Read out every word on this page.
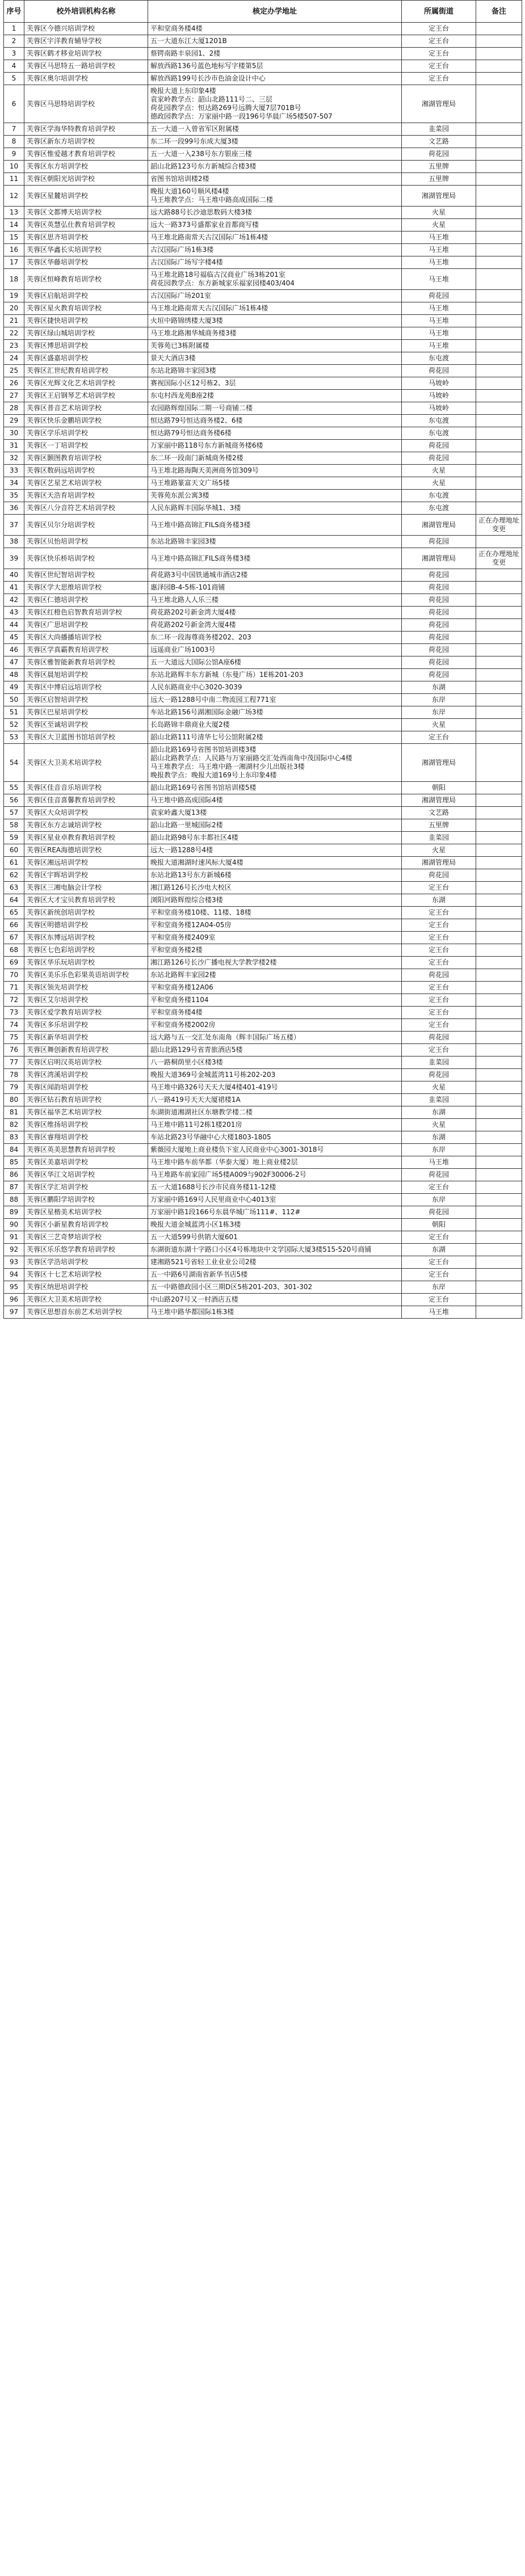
序号	校外培训机构名称	核定办学地址	所属街道	备注
1	芙蓉区今德兴培训学校	平和堂商务楼4楼	定王台	
2	芙蓉区宇洋教育辅导学校	五一大道东江大厦1201B	定王台	
3	芙蓉区鹤才移业培训学校	蔡锷南路丰泉园1、2楼	定王台	
4	芙蓉区马思特五一路培训学校	解放西路136号蓝色地标写字楼第5层	定王台	
5	芙蓉区奥尔培训学校	解放西路199号长沙市色油金设计中心	定王台	
6	芙蓉区马思特培训学校	晚报大道上东印象4楼
袁家岭教学点：韶山北路111号二、三层
荷花园教学点：恒达路269号远腾大厦7层701B号
德政园教学点：万家丽中路一段196号华晨广场5楼507-507	湘湖管理局	
7	芙蓉区学海华特教育培训学校	五一大道一入曾省军区附属楼	韭菜园	
8	芙蓉区新东方培训学校	东二环一段99号东成大厦3楼	文艺路	
9	芙蓉区惟爱越才教育培训学校	五一大道一入238号东方银座三楼	荷花园	
10	芙蓉区东方培训学校	韶山北路123号东方新城综合楼3楼	五里牌	
11	芙蓉区朝阳光培训学校	省图书馆培训楼2楼	五里牌	
12	芙蓉区星麓培训学校	晚报大道160号顺风楼4楼
马王堆教学点：马王堆中路高成国际二楼	湘湖管理局	
13	芙蓉区文都博天培训学校	远大路88号长沙迪思数码大楼3楼	火星	
14	芙蓉区英慧弘仕教育培训学校	远大一路373号盛都家业首都商写楼	火星	
15	芙蓉区思齐培训学校	马王堆北路南常天古汉国际广场1栋4楼	马王堆	
16	芙蓉区华鑫长实培训学校	古汉国际广场1栋3楼	马王堆	
17	芙蓉区华藤培训学校	古汉国际广场写字楼4楼	马王堆	
18	芙蓉区恒峰教育培训学校	马王堆北路18号福临古汉商业广场3栋201室
荷花园教学点：东方新城家乐福家园楼403/404	马王堆	
19	芙蓉区启航培训学校	古汉国际广场201室	荷花园	
20	芙蓉区星火教育培训学校	马王堆北路南常天古汉国际广场1栋4楼	马王堆	
21	芙蓉区捷快培训学校	火垣中路锦绣楼大厦3楼	马王堆	
22	芙蓉区绿山城培训学校	马王堆北路湘华城商务楼3楼	马王堆	
23	芙蓉区博思培训学校	芙蓉苑已3栋附属楼	马王堆	
24	芙蓉区盛嘉培训学校	景天大酒店3楼	东屯渡	
25	芙蓉区汇世纪教育培训学校	东站北路锦丰家园3楼	荷花园	
26	芙蓉区光辉文化艺术培训学校	赛视国际小区12号栋2、3层	马坡岭	
27	芙蓉区王启钢琴艺术培训学校	东屯村西龙苑B座2楼	马坡岭	
28	芙蓉区普音艺术培训学校	农园路辉煌国际二期一号商铺二楼	马坡岭	
29	芙蓉区快乐金鹏培训学校	恒达路79号恒达商务楼2、6楼	东屯渡	
30	芙蓉区学乐培训学校	恒达路79号恒达商务楼6楼	东屯渡	
31	芙蓉区一丁培训学校	万家丽中路118号东方新城商务楼6楼	荷花园	
32	芙蓉区颢图教育培训学校	东二环一段南门新城商务楼2楼	荷花园	
33	芙蓉区数码远培训学校	马王堆北路海陶天美洲商务馆309号	火星	
34	芙蓉区艺星艺术培训学校	马王堆路篆富天文广场5楼	火星	
35	芙蓉区天浩育培训学校	芙蓉苑东派公寓3楼	东屯渡	
36	芙蓉区八分音符艺术培训学校	人民东路辉丰国际华城1、3楼	东屯渡	
37	芙蓉区贝尔分培训学校	马王堆中路高锦汇FILS商务楼3楼	湘湖管理局	正在办理地址变更
38	芙蓉区贝怡培训学校	东站北路锦丰家园3楼	荷花园	
39	芙蓉区快乐桥培训学校	马王堆中路高锦汇FILS商务楼3楼	湘湖管理局	正在办理地址变更
40	芙蓉区世纪智培训学校	荷花路3号中国铁通城市酒店2楼	荷花园	
41	芙蓉区学大思维培训学校	惠泽园B-4-5栋-101商铺	荷花园	
42	芙蓉区仁德培训学校	马王堆北路人人乐三楼	荷花园	
43	芙蓉区红橙色启智教育培训学校	荷花路202号新金湾大厦4楼	荷花园	
44	芙蓉区广思培训学校	荷花路202号新金湾大厦4楼	荷花园	
45	芙蓉区大尚播播培训学校	东二环一段海尊商务楼202、203	荷花园	
46	芙蓉区学真霸教育培训学校	远遥商业广场1003号	荷花园	
47	芙蓉区雅智能新教育培训学校	五一大道远大国际公馆A座6楼	荷花园	
48	芙蓉区晨旭培训学校	东站北路辉丰东方新城（东曼广场）1E栋201-203	荷花园	
49	芙蓉区中博启远培训学校	人民东路商业中心3020-3039	东湖	
50	芙蓉区启智培训学校	远大一路1288号中南二物流园工程771室	东岸	
51	芙蓉区巴星培训学校	车站北路156号湖湘国际金融广场3楼	东岸	
52	芙蓉区至诚培训学校	长岛路锦丰鼎商业大厦2楼	火星	
53	芙蓉区大卫蓝图书馆培训学校	韶山北路111号清华七号公馆附属2楼	定王台	
54	芙蓉区大卫美术培训学校	韶山北路169号省图书馆培训楼3楼
韶山北路教学点：人民路与万家丽路交汇处西南角中茂国际中心4楼
马王堆教学点：马王堆中路一湘湖村少儿出版社3楼
晚报教学点：晚报大道169号上东印象4楼	湘湖管理局	
55	芙蓉区佳音音乐培训学校	韶山北路169号省图书馆培训楼5楼	朝阳	
56	芙蓉区佳音喜馨教育培训学校	马王堆中路高成国际4楼	湘湖管理局	
57	芙蓉区大众培训学校	袁家岭鑫大厦13楼	文艺路	
58	芙蓉区东方志诚培训学校	韶山北路一里城国际2楼	五里牌	
59	芙蓉区星业卓教育教培训学校	韶山北路98号东丰都社区4楼	韭菜园	
60	芙蓉区REA海德培训学校	远大一路1288号4楼	火星	
61	芙蓉区湘远培训学校	晚报大道湘湖时速风标大厦4楼	湘湖管理局	
62	芙蓉区宇晖培训学校	东站北路13号东方新城6楼	荷花园	
63	芙蓉区三湘电脑会计学校	湘江路126号长沙电大校区	定王台	
64	芙蓉区大才宝贝教育培训学校	浏阳河路辉煌综合楼3楼	东湖	
65	芙蓉区新统创培训学校	平和堂商务楼10楼、11楼、18楼	定王台	
66	芙蓉区明德培训学校	平和堂商务楼12A04-05房	定王台	
67	芙蓉区东博远培训学校	平和堂商务楼2409室	定王台	
68	芙蓉区七色彩培训学校	平和堂商务楼2楼	定王台	
69	芙蓉区华乐玩培训学校	湘江路126号长沙广播电视大学教学楼2楼	定王台	
70	芙蓉区美乐乐色彩果英语培训学校	东站北路辉丰家园2楼	荷花园	
71	芙蓉区领先培训学校	平和堂商务楼12A06	定王台	
72	芙蓉区艾尔培训学校	平和堂商务楼1104	定王台	
73	芙蓉区爱学教育培训学校	平和堂商务楼4楼	定王台	
74	芙蓉区多乐培训学校	平和堂商务楼2002房	定王台	
75	芙蓉区新华培训学校	远大路与五一交汇处东南角（辉丰国际广场五楼）	荷花园	
76	芙蓉区舞创新教育培训学校	韶山北路129号省青旅酒店5楼	定王台	
77	芙蓉区启明汉英培训学校	八一路桐荫里小区楼3楼	韭菜园	
78	芙蓉区湾溪培训学校	晚报大道369号金城蓝湾11号栋202-203	荷花园	
79	芙蓉区闻韵培训学校	马王堆中路326号天天大厦4楼401-419号	火星	
80	芙蓉区钻石教育培训学校	八一路419号天天大厦裙楼1A	韭菜园	
81	芙蓉区福华艺术培训学校	东湖街道湘湖社区东塘教学楼二楼	东湖	
82	芙蓉区维扬培训学校	马王堆中路11号2栋1楼201房	火星	
83	芙蓉区睿翔培训学校	车站北路23号华融中心大楼1803-1805	东湖	
84	芙蓉区英美思慧教育培训学校	紫薇园大厦地上商业楼负下室人民商业中心3001-3018号	东岸	
85	芙蓉区美嘉培训学校	马王堆中路车前华都（华泰大厦）地上商业楼2层	马王堆	
86	芙蓉区华江文培训学校	马王堆路车前家园广场5楼A009与902F30006-2号	荷花园	
87	芙蓉区学汇培训学校	五一大道1688号长沙市民商务楼11-12楼	定王台	
88	芙蓉区鹏阳学培训学校	万家丽中路169号人民里商业中心4013室	东岸	
89	芙蓉区星楷美术培训学校	万家丽中路1段166号东晨华城广场111#、112#	荷花园	
90	芙蓉区小新星教育培训学校	晚报大道金城蓝湾小区1栋3楼	朝阳	
91	芙蓉区三艺奇梦培训学校	五一大道599号供销大厦601	定王台	
92	芙蓉区乐乐悠学教育培训学校	东湖街道东湖十字路口小区4号栋地块中文学国际大厦3楼515-520号商铺	东湖	
93	芙蓉区学浩培训学校	建湘路521号省轻工业业业公司2楼	定王台	
94	芙蓉区十七艺术培训学校	五一中路6号湖南省新华书店5楼	定王台	
95	芙蓉区纳思培训学校	五一中路德政园小区三期D区5栋201-203、301-302	东岸	
96	芙蓉区大卫美术培训学校	中山路207号又一村酒店五楼	定王台	
97	芙蓉区思想首东前艺术培训学校	马王堆中路华都国际1栋3楼	马王堆	
